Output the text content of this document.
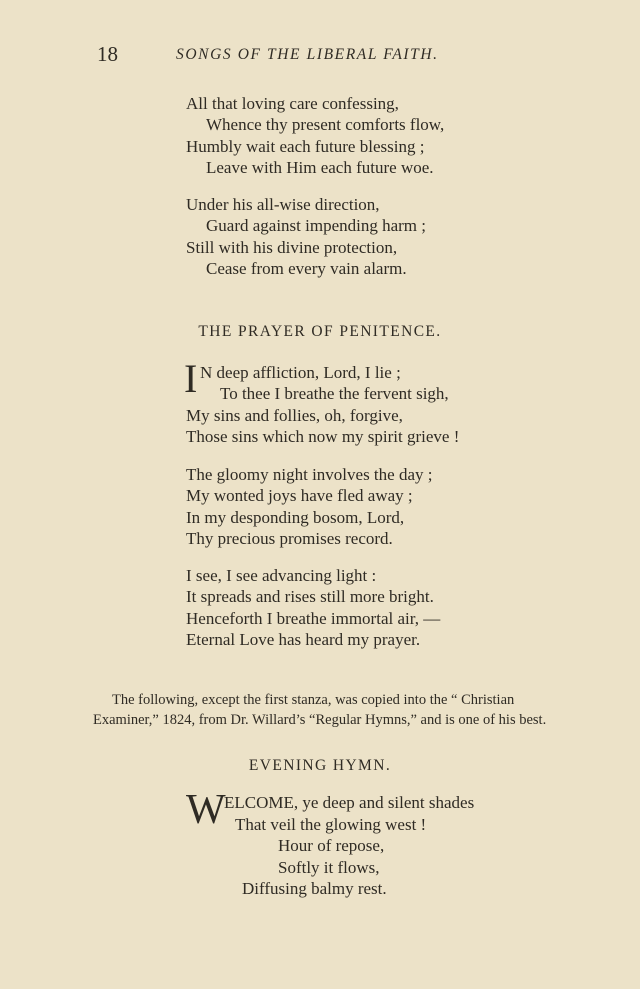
18	SONGS OF THE LIBERAL FAITH.
All that loving care confessing,
Whence thy present comforts flow,
Humbly wait each future blessing ;
Leave with Him each future woe.
Under his all-wise direction,
Guard against impending harm ;
Still with his divine protection,
Cease from every vain alarm.
THE PRAYER OF PENITENCE.
I N deep affliction, Lord, I lie ;
To thee I breathe the fervent sigh,
My sins and follies, oh, forgive,
Those sins which now my spirit grieve !
The gloomy night involves the day ;
My wonted joys have fled away ;
In my desponding bosom, Lord,
Thy precious promises record.
I see, I see advancing light :
It spreads and rises still more bright.
Henceforth I breathe immortal air, —
Eternal Love has heard my prayer.
The following, except the first stanza, was copied into the “ Christian Examiner,” 1824, from Dr. Willard’s “Regular Hymns,” and is one of his best.
EVENING HYMN.
W
ELCOME, ye deep and silent shades
That veil the glowing west !
Hour of repose,
Softly it flows,
Diffusing balmy rest.
